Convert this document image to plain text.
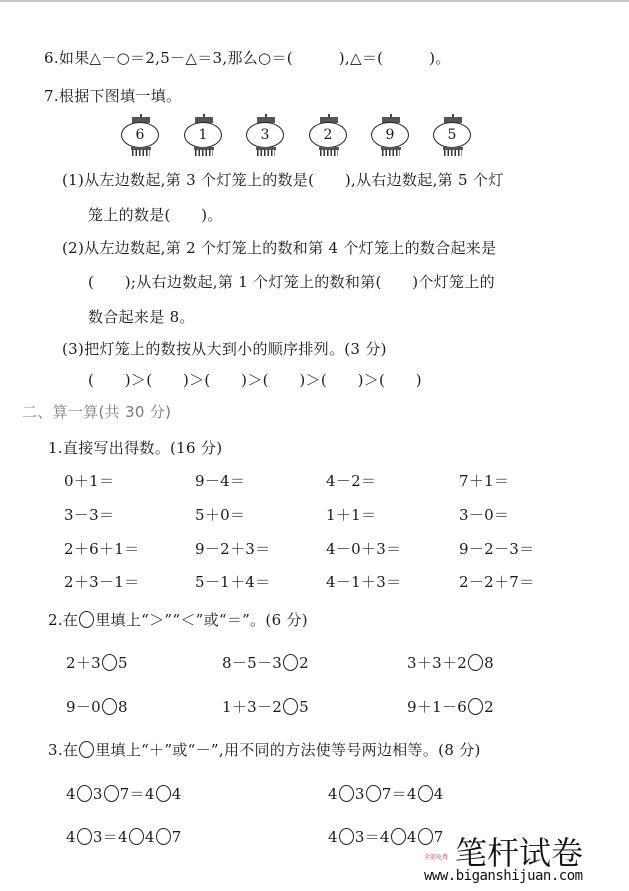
6.如果△－○＝2,5－△＝3,那么○＝(　　　),△＝(　　　)。
7.根据下图填一填。
6	1	3	2	9	5
(1)从左边数起,第 3 个灯笼上的数是(　　),从右边数起,第 5 个灯
笼上的数是(　　)。
(2)从左边数起,第 2 个灯笼上的数和第 4 个灯笼上的数合起来是
(　　);从右边数起,第 1 个灯笼上的数和第(　　)个灯笼上的
数合起来是 8。
(3)把灯笼上的数按从大到小的顺序排列。(3 分)
(　　)＞(　　)＞(　　)＞(　　)＞(　　)＞(　　)
二、算一算(共 30 分)
1.直接写出得数。(16 分)
0＋1＝	9－4＝	4－2＝	7＋1＝
3－3＝	5＋0＝	1＋1＝	3－0＝
2＋6＋1＝	9－2＋3＝	4－0＋3＝	9－2－3＝
2＋3－1＝	5－1＋4＝	4－1＋3＝	2－2＋7＝
2.在 里填上“＞”“＜”或“＝”。(6 分)
2＋3 5	8－5－3 2	3＋3＋2 8
9－0 8	1＋3－2 5	9＋1－6 2
3.在 里填上“＋”或“－”,用不同的方法使等号两边相等。(8 分)
4 3 7＝4 4	4 3 7＝4 4
4 3＝4 4 7	4 3＝4 4 7 笔杆试卷
全部免费
www.biganshijuan.com
